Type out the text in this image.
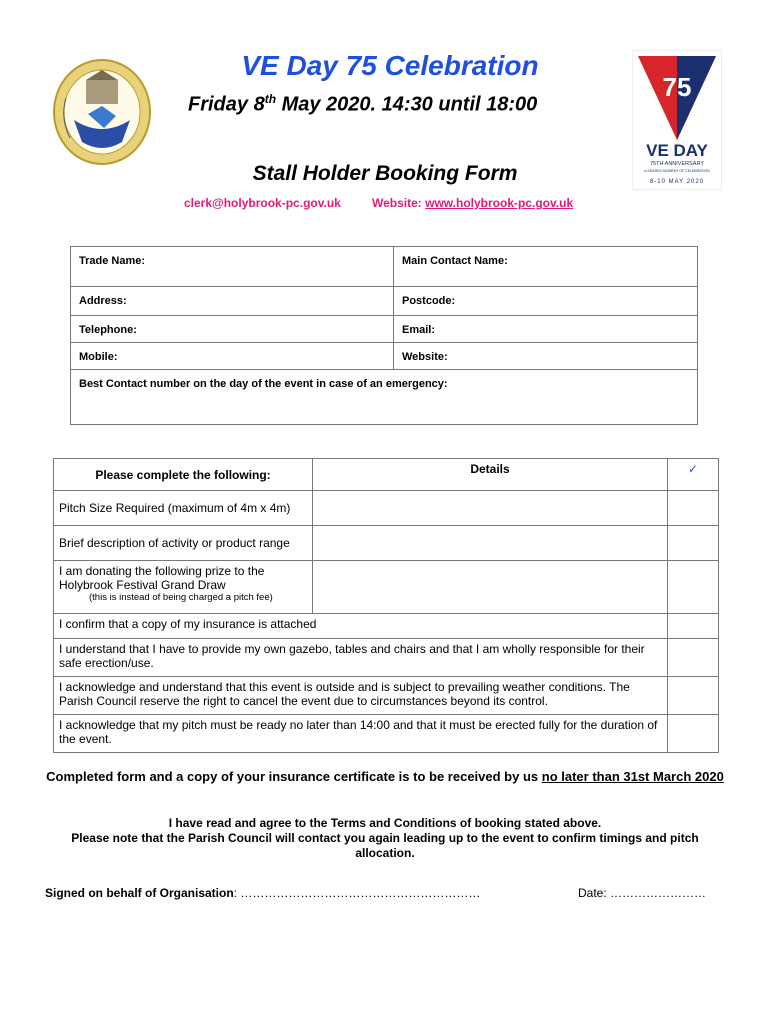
VE Day 75 Celebration
Friday 8th May 2020. 14:30 until 18:00
Stall Holder Booking Form
clerk@holybrook-pc.gov.uk	Website: www.holybrook-pc.gov.uk
75
VE DAY
75TH ANNIVERSARY
A SHARED MOMENT OF CELEBRATION
8-10 MAY 2020
Trade Name:	Main Contact Name:
Address:	Postcode:
Telephone:	Email:
Mobile:	Website:
Best Contact number on the day of the event in case of an emergency:	
Please complete the following:	Details	✓
Pitch Size Required (maximum of 4m x 4m)		
Brief description of activity or product range		
I am donating the following prize to the
Holybrook Festival Grand Draw
(this is instead of being charged a pitch fee)		

I confirm that a copy of my insurance is attached		
I understand that I have to provide my own gazebo, tables and chairs and that I am wholly responsible for their safe erection/use.		
I acknowledge and understand that this event is outside and is subject to prevailing weather conditions. The Parish Council reserve the right to cancel the event due to circumstances beyond its control.		
I acknowledge that my pitch must be ready no later than 14:00 and that it must be erected fully for the duration of the event.		
Completed form and a copy of your insurance certificate is to be received by us no later than 31st March 2020
I have read and agree to the Terms and Conditions of booking stated above.
Please note that the Parish Council will contact you again leading up to the event to confirm timings and pitch allocation.
Signed on behalf of Organisation: ……………………………………………………	Date: ……………………
